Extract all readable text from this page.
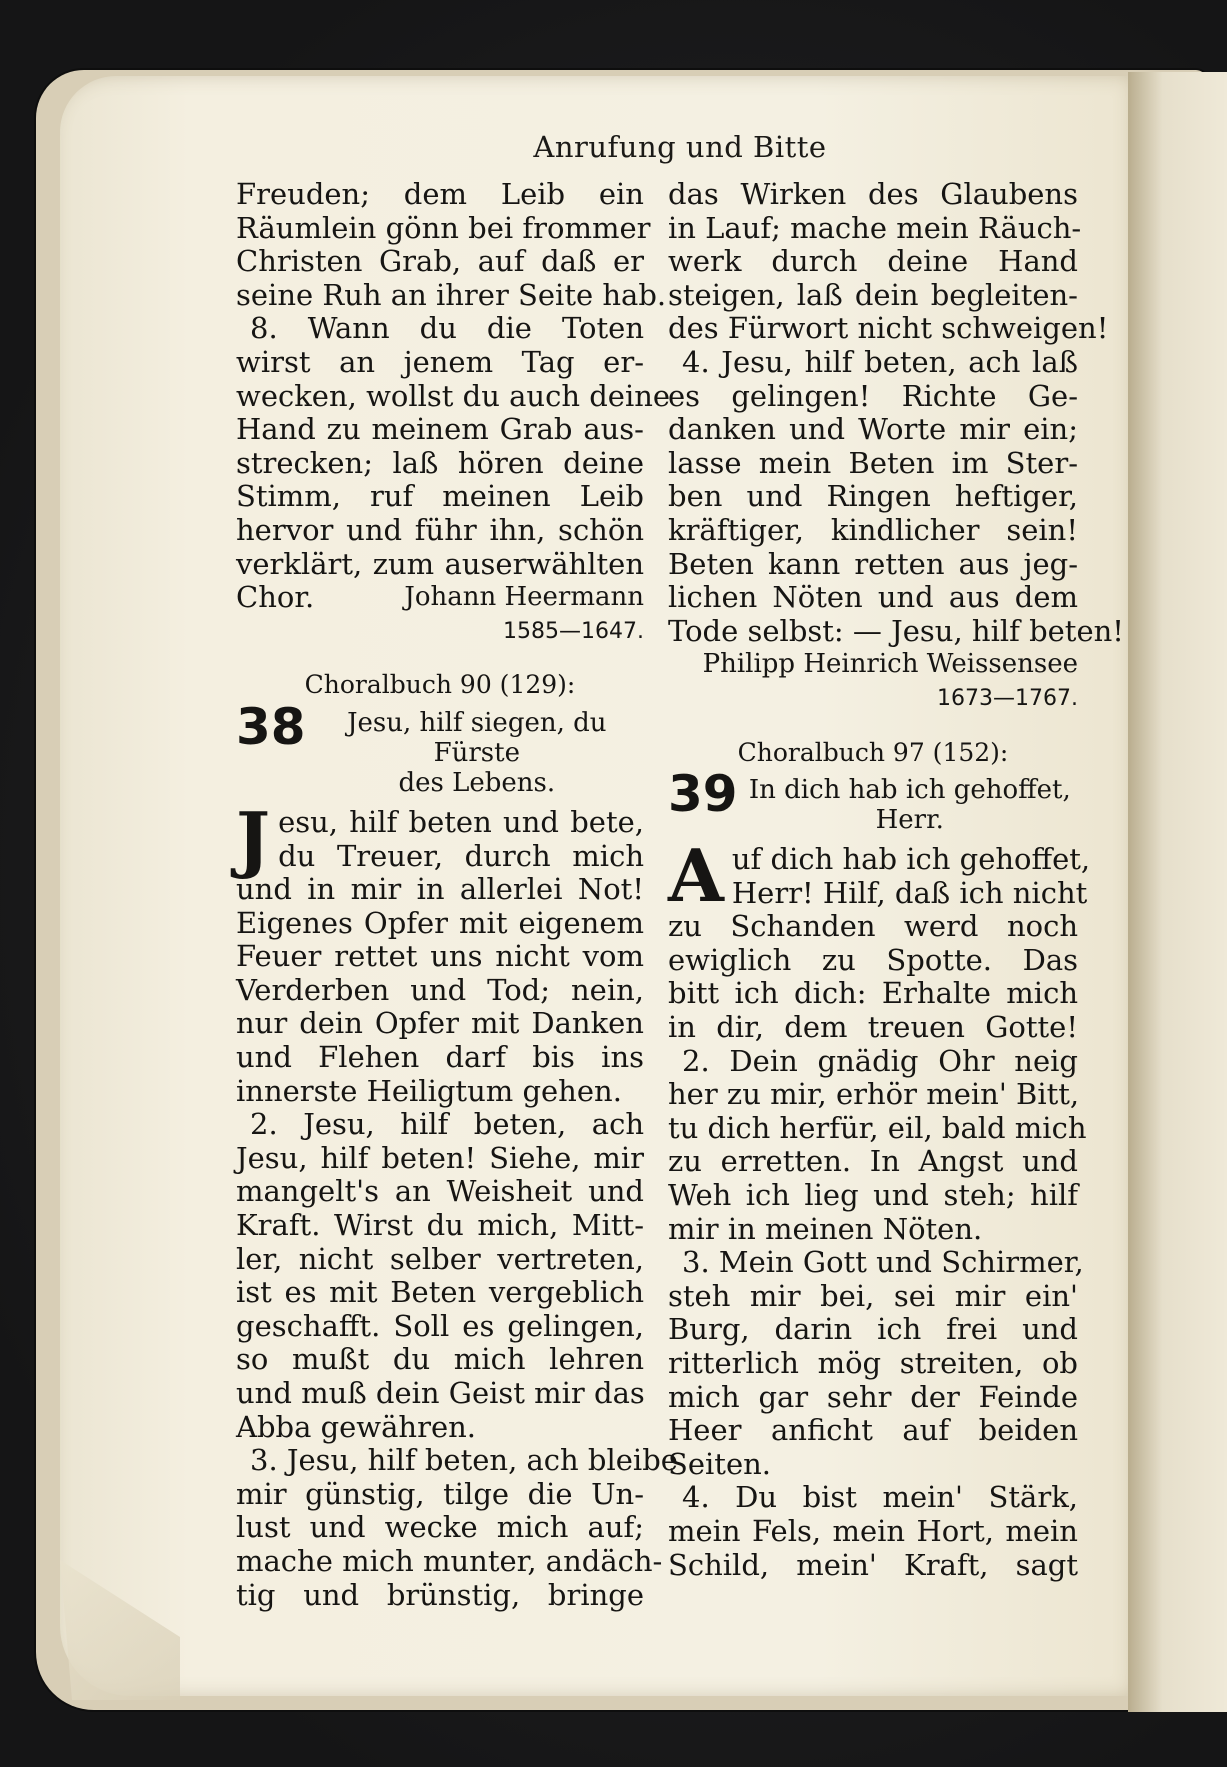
Anrufung und Bitte
Freuden; dem Leib ein
Räumlein gönn bei frommer
Christen Grab, auf daß er
seine Ruh an ihrer Seite hab.
8. Wann du die Toten
wirst an jenem Tag er-
wecken, wollst du auch deine
Hand zu meinem Grab aus-
strecken; laß hören deine
Stimm, ruf meinen Leib
hervor und führ ihn, schön
verklärt, zum auserwählten
Chor.	Johann Heermann
1585—1647.
Choralbuch 90 (129):
38	Jesu, hilf siegen, du Fürste
des Lebens.
J esu, hilf beten und bete,
du Treuer, durch mich
und in mir in allerlei Not!
Eigenes Opfer mit eigenem
Feuer rettet uns nicht vom
Verderben und Tod; nein,
nur dein Opfer mit Danken
und Flehen darf bis ins
innerste Heiligtum gehen.
2. Jesu, hilf beten, ach
Jesu, hilf beten! Siehe, mir
mangelt's an Weisheit und
Kraft. Wirst du mich, Mitt-
ler, nicht selber vertreten,
ist es mit Beten vergeblich
geschafft. Soll es gelingen,
so mußt du mich lehren
und muß dein Geist mir das
Abba gewähren.
3. Jesu, hilf beten, ach bleibe
mir günstig, tilge die Un-
lust und wecke mich auf;
mache mich munter, andäch-
tig und brünstig, bringe
das Wirken des Glaubens
in Lauf; mache mein Räuch-
werk durch deine Hand
steigen, laß dein begleiten-
des Fürwort nicht schweigen!
4. Jesu, hilf beten, ach laß
es gelingen! Richte Ge-
danken und Worte mir ein;
lasse mein Beten im Ster-
ben und Ringen heftiger,
kräftiger, kindlicher sein!
Beten kann retten aus jeg-
lichen Nöten und aus dem
Tode selbst: — Jesu, hilf beten!
Philipp Heinrich Weissensee
1673—1767.
Choralbuch 97 (152):
39 In dich hab ich gehoffet,
Herr.
A uf dich hab ich gehoffet,
Herr! Hilf, daß ich nicht
zu Schanden werd noch
ewiglich zu Spotte. Das
bitt ich dich: Erhalte mich
in dir, dem treuen Gotte!
2. Dein gnädig Ohr neig
her zu mir, erhör mein' Bitt,
tu dich herfür, eil, bald mich
zu erretten. In Angst und
Weh ich lieg und steh; hilf
mir in meinen Nöten.
3. Mein Gott und Schirmer,
steh mir bei, sei mir ein'
Burg, darin ich frei und
ritterlich mög streiten, ob
mich gar sehr der Feinde
Heer anficht auf beiden
Seiten.
4. Du bist mein' Stärk,
mein Fels, mein Hort, mein
Schild, mein' Kraft, sagt
